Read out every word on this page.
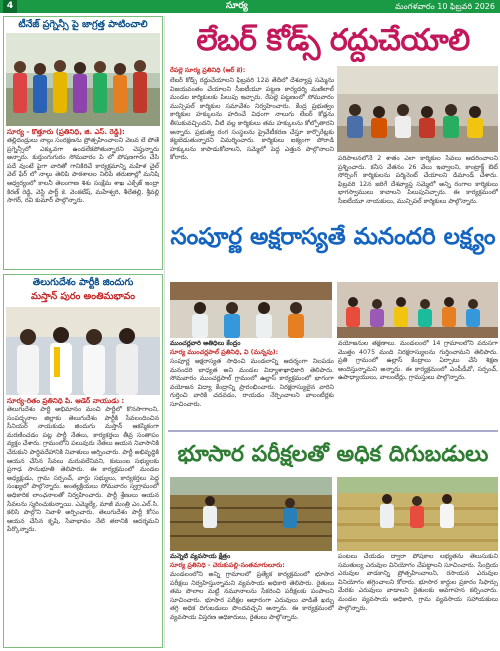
4	సూర్య	మంగళవారం 10 ఫిబ్రవరి 2026
టీనేజ్ ప్రగ్నెన్సీ పై జాగ్రత్త పాటించాలి
సూర్య - కొత్తూరు (ప్రతినిధి, జి. ఎస్. రెడ్డి):
తల్లిదండ్రులు నాల్గు సంరక్షణను ప్రోత్సహించాలని వెలవ లే పోతే ప్రగ్నెన్సీలో ఎక్కువగా ఉండలేకపోతున్నారని చెప్తున్నారు అన్నారు. కుర్తుంగుగురం సోమవారం పి లో పోషణగారం చేసి పదే వుంటే పైగా వారితో గానికిరిచే కార్యక్రమాన్ని మహిళ చైల్ వెల్ ఫేర్ లో నాల్గు తెలిపి పాఠశాలల నిలిపే తరుణాల్లో మనిషి ఆధ్వర్యంలో కాలనీ తెలంగాణ శిశు సంక్షేమ శాఖ ఎక్సేజ్ ఇంద్రా కిరణ్ రెడ్డి, వెస్టి పార్ట్ కె. వెంకటేష్, మహేశ్వరి, శీలేతల్లి, శ్రీవల్లి సాగర్, రవి కుమార్ పాల్గొన్నారు.
తెలుగుదేశం పార్టీకి జిందుగు
మస్తాన్ పురం అంతిమభావం
సూర్య-రితం ప్రతినిధి పి. ఆడెర్ నాయుడు :
తెలుగుదేశం పార్టీ అభిమానం మంచి పార్టీలో కొనసాగాలని, సంపద్భనాల జిల్లాకు తెలుగుదేశం పార్టీకి సేవలందించిన సీనియర్ నాయకుడు జిందుగు మస్తాన్ ఆకస్మికంగా మరణించడం పట్ల పార్టీ నేతలు, కార్యకర్తలు తీవ్ర సంతాపం వ్యక్తం చేశారు. గ్రామంలోని పలువురు నేతలు ఆయన నివాసానికి చేరుకుని పార్థివదేహానికి నివాళులు అర్పించారు. పార్టీ అభివృద్ధికి ఆయన చేసిన సేవలు మరువలేనివని, కుటుంబ సభ్యులకు ప్రగాఢ సానుభూతి తెలిపారు. ఈ కార్యక్రమంలో మండల అధ్యక్షుడు, గ్రామ సర్పంచ్, వార్డు సభ్యులు, కార్యకర్తలు పెద్ద సంఖ్యలో పాల్గొన్నారు. అంత్యక్రియలు సోమవారం స్వగ్రామంలో అధికారిక లాంఛనాలతో నిర్వహించారు. పార్టీ శ్రేణులు ఆయన సేవలను స్మరించుకున్నాయి. ఎమ్మెల్యే, మాజీ మంత్రి ఎం.ఎల్.సి. కలిసి పాల్గొని నివాళి అర్పించారు. తెలుగుదేశం పార్టీ కోసం ఆయన చేసిన కృషి, సేవాభావం నేటి తరానికి ఆదర్శమని పేర్కొన్నారు.
లేబర్ కోడ్స్ రద్దుచేయాలి
రేపల్లె సూర్య ప్రతినిధి (ఆర్ కె):
లేబర్ కోడ్స్ రద్దుచేయాలని ఫిబ్రవరి 12వ తేదీలో దేశవ్యాప్త సమ్మెను విజయవంతం చేయాలని సీఐటీయూ పట్టణ కార్యదర్శి మణిలాల్ మండల కార్మికులకు పిలుపు ఇచ్చారు. రేపల్లె పట్టణంలో సోమవారం మున్సిపల్ కార్మికుల సమావేశం నిర్వహించారు. కేంద్ర ప్రభుత్వం కార్మికుల హక్కులను హరించే విధంగా నాలుగు లేబర్ కోడ్లను తీసుకువచ్చిందని, వీటి వల్ల కార్మికులు తమ హక్కులను కోల్పోతారని అన్నారు. ప్రభుత్వ రంగ సంస్థలను ప్రైవేటీకరణ చేస్తూ కార్పొరేట్లకు కట్టబెడుతున్నారని విమర్శించారు. కార్మికులు ఐక్యంగా పోరాడి హక్కులను కాపాడుకోవాలని, సమ్మెలో పెద్ద ఎత్తున పాల్గొనాలని కోరారు.	పరిపాలనలోనే 2 శాతం ఎలా కార్మికుల సేవలు ఆదరించాలని ప్రశ్నించారు. కనీస వేతనం 26 వేలు ఇవ్వాలని, కాంట్రాక్ట్ ఔట్ సోర్సింగ్ కార్మికులను పర్మినెంట్ చేయాలని డిమాండ్ చేశారు. ఫిబ్రవరి 12న జరిగే దేశవ్యాప్త సమ్మెలో అన్ని రంగాల కార్మికులు భాగస్వాములు కావాలని పిలుపునిచ్చారు. ఈ కార్యక్రమంలో సీఐటీయూ నాయకులు, మున్సిపల్ కార్మికులు పాల్గొన్నారు.
సంపూర్ణ అక్షరాస్యతే మనందరి లక్ష్యం
ముంచర్లవారి అతిధిలు కేంద్రం
సూర్య ముంచర్లపాల్ ప్రతినిధి, వి (మన్నపు):
సంపూర్ణ అక్షరాస్యత సాధించి మండలాన్ని ఆదర్శంగా నిలపడం మనందరి బాధ్యత అని మండల విద్యాశాఖాధికారి తెలిపారు. సోమవారం ముంచర్లపాల్ గ్రామంలో ఉల్లాస్ కార్యక్రమంలో భాగంగా వయోజన విద్యా కేంద్రాన్ని ప్రారంభించారు. నిరక్షరాస్యులైన వారిని గుర్తించి వారికి చదవడం, రాయడం నేర్పించాలని వాలంటీర్లకు సూచించారు.
వయోజనుల తక్షణాలు. మండలంలో 14 గ్రామాలలోని వరుసగా మొత్తం 4075 మంది నిరక్షరాస్యులను గుర్తించామని తెలిపారు. ప్రతి గ్రామంలో ఉల్లాస్ కేంద్రాలు ఏర్పాటు చేసి శిక్షణ అందిస్తున్నామని అన్నారు. ఈ కార్యక్రమంలో ఎంపీడీవో, సర్పంచ్, ఉపాధ్యాయులు, వాలంటీర్లు, గ్రామస్తులు పాల్గొన్నారు.
భూసార పరీక్షలతో అధిక దిగుబడులు
మన్నెటి వ్యవసాయ క్షేత్రం
సూర్య ప్రతినిధి - చెరుకుపల్లి-సంతమాగులూరు:
మండలంలోని అన్ని గ్రామాలలో ప్రత్యేక కార్యక్రమంలో భూసార పరీక్షలు నిర్వహిస్తున్నామని వ్యవసాయ అధికారి తెలిపారు. రైతులు తమ పొలాల మట్టి నమూనాలను సేకరించి పరీక్షలకు పంపాలని సూచించారు. భూసార పరీక్షల ఆధారంగా ఎరువులు వాడితే ఖర్చు తగ్గి అధిక దిగుబడులు పొందవచ్చని అన్నారు. ఈ కార్యక్రమంలో వ్యవసాయ విస్తరణ అధికారులు, రైతులు పాల్గొన్నారు.
పంటలు చేయడం ద్వారా పోషకాల లభ్యతను తెలుసుకుని సమతుల్య ఎరువుల వినియోగం చేపట్టాలని సూచించారు. సేంద్రియ ఎరువుల వాడకాన్ని ప్రోత్సహించాలని, రసాయన ఎరువుల వినియోగం తగ్గించాలని కోరారు. భూసార కార్డుల ప్రకారం సిఫార్సు మేరకు ఎరువులు వాడాలని రైతులకు అవగాహన కల్పించారు. మండల వ్యవసాయ అధికారి, గ్రామ వ్యవసాయ సహాయకులు పాల్గొన్నారు.
